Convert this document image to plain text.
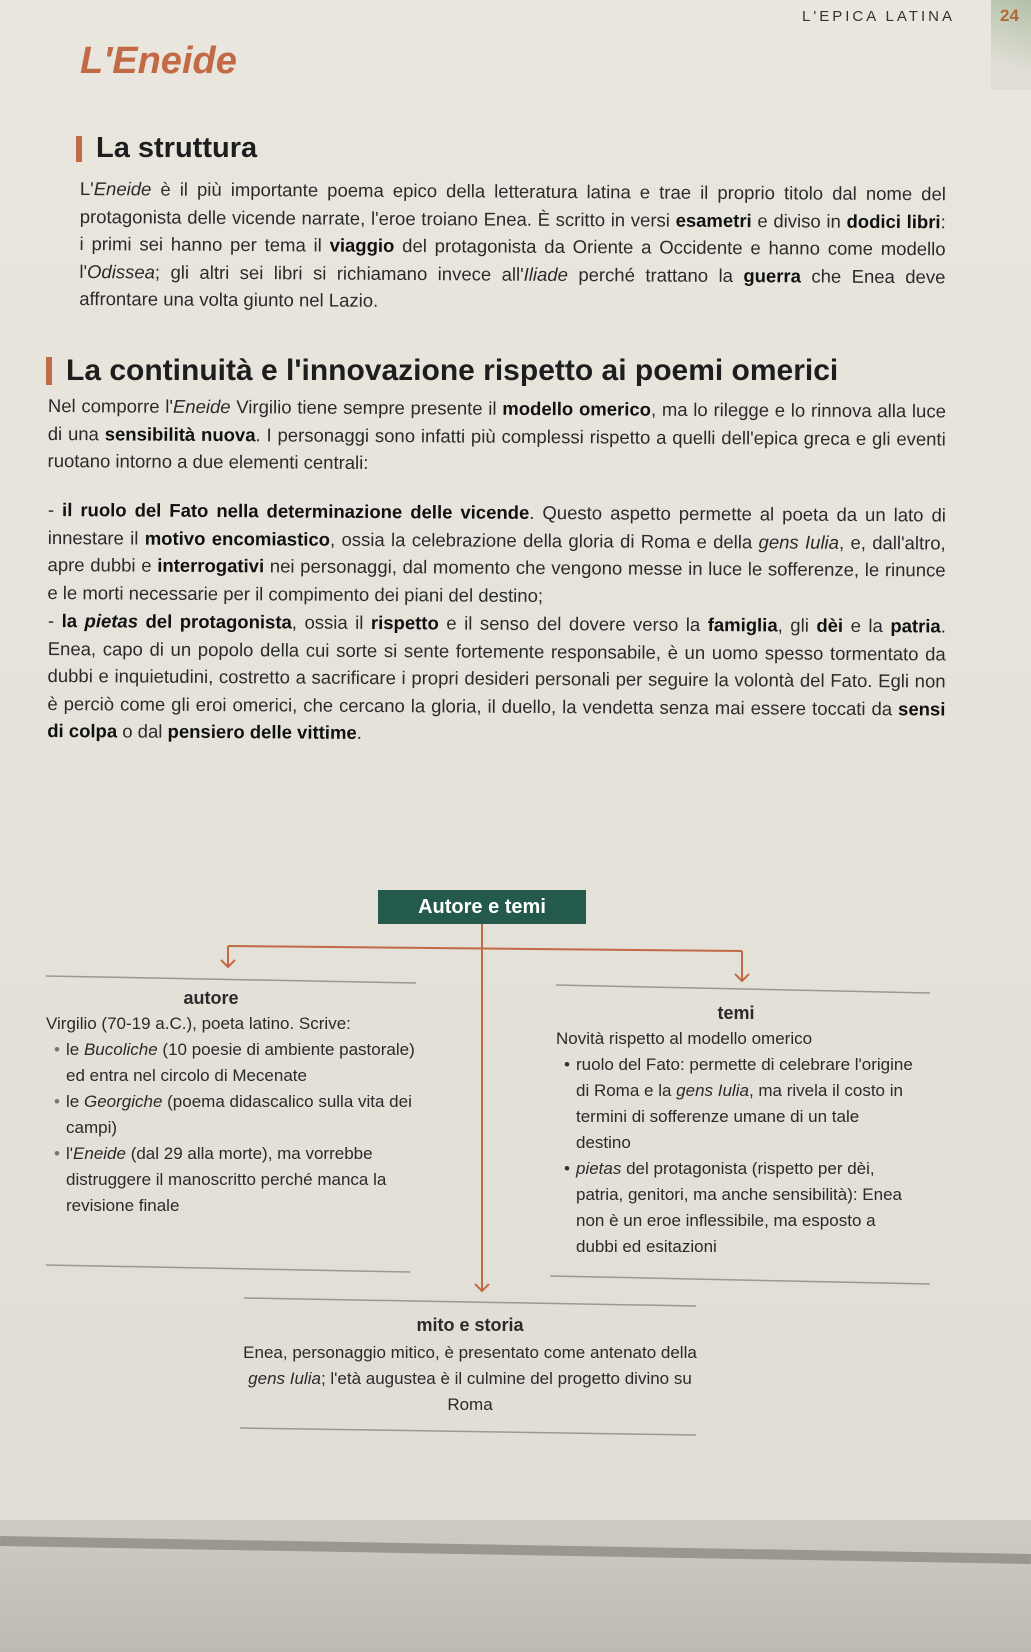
L'EPICA LATINA	24
L'Eneide
La struttura

L'Eneide è il più importante poema epico della letteratura latina e trae il proprio titolo dal nome del protagonista delle vicende narrate, l'eroe troiano Enea. È scritto in versi esametri e diviso in dodici libri: i primi sei hanno per tema il viaggio del protagonista da Oriente a Occidente e hanno come modello l'Odissea; gli altri sei libri si richiamano invece all'Iliade perché trattano la guerra che Enea deve affrontare una volta giunto nel Lazio.

La continuità e l'innovazione rispetto ai poemi omerici

Nel comporre l'Eneide Virgilio tiene sempre presente il modello omerico, ma lo rilegge e lo rinnova alla luce di una sensibilità nuova. I personaggi sono infatti più complessi rispetto a quelli dell'epica greca e gli eventi ruotano intorno a due elementi centrali:

- il ruolo del Fato nella determinazione delle vicende. Questo aspetto permette al poeta da un lato di innestare il motivo encomiastico, ossia la celebrazione della gloria di Roma e della gens Iulia, e, dall'altro, apre dubbi e interrogativi nei personaggi, dal momento che vengono messe in luce le sofferenze, le rinunce e le morti necessarie per il compimento dei piani del destino;

- la pietas del protagonista, ossia il rispetto e il senso del dovere verso la famiglia, gli dèi e la patria. Enea, capo di un popolo della cui sorte si sente fortemente responsabile, è un uomo spesso tormentato da dubbi e inquietudini, costretto a sacrificare i propri desideri personali per seguire la volontà del Fato. Egli non è perciò come gli eroi omerici, che cercano la gloria, il duello, la vendetta senza mai essere toccati da sensi di colpa o dal pensiero delle vittime.

Autore e temi
autore
Virgilio (70-19 a.C.), poeta latino. Scrive:
• le Bucoliche (10 poesie di ambiente pastorale) ed entra nel circolo di Mecenate
• le Georgiche (poema didascalico sulla vita dei campi)
• l'Eneide (dal 29 alla morte), ma vorrebbe distruggere il manoscritto perché manca la revisione finale
temi
Novità rispetto al modello omerico
• ruolo del Fato: permette di celebrare l'origine di Roma e la gens Iulia, ma rivela il costo in termini di sofferenze umane di un tale destino
• pietas del protagonista (rispetto per dèi, patria, genitori, ma anche sensibilità): Enea non è un eroe inflessibile, ma esposto a dubbi ed esitazioni
mito e storia
Enea, personaggio mitico, è presentato come antenato della gens Iulia; l'età augustea è il culmine del progetto divino su Roma
